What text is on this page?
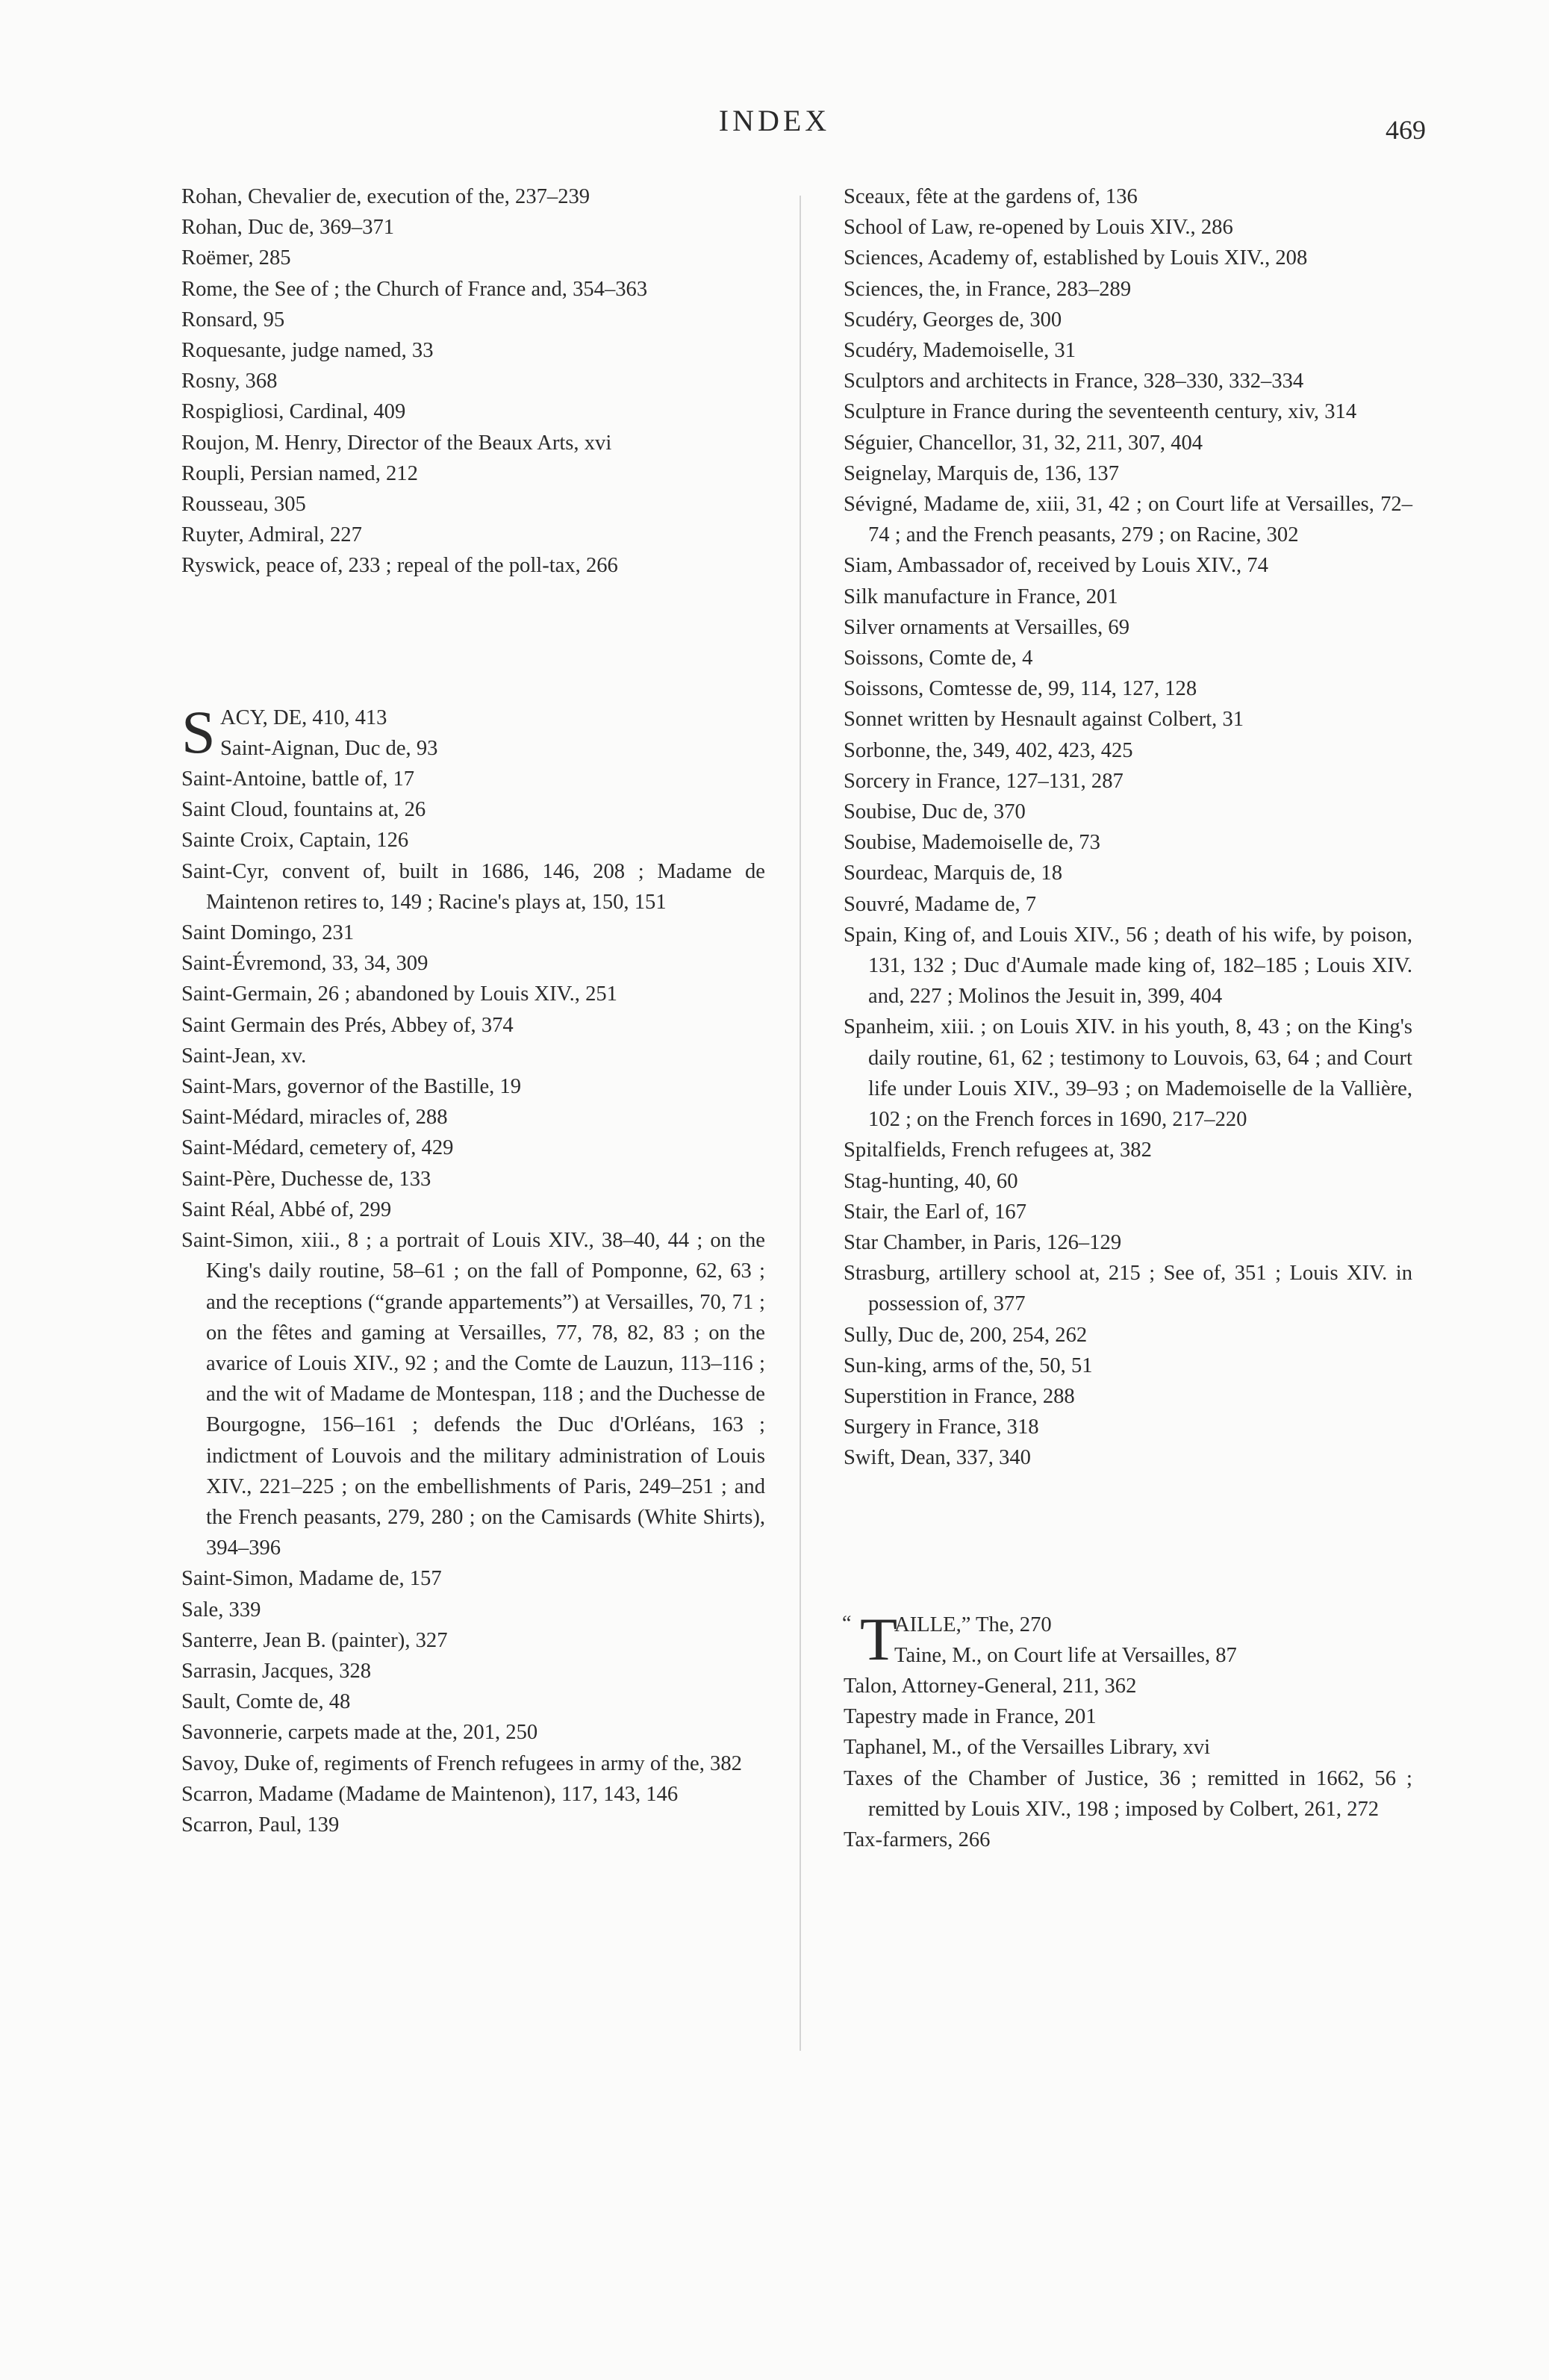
INDEX	469
Rohan, Chevalier de, execution of the, 237–239
Rohan, Duc de, 369–371
Roëmer, 285
Rome, the See of ; the Church of France and, 354–363
Ronsard, 95
Roquesante, judge named, 33
Rosny, 368
Rospigliosi, Cardinal, 409
Roujon, M. Henry, Director of the Beaux Arts, xvi
Roupli, Persian named, 212
Rousseau, 305
Ruyter, Admiral, 227
Ryswick, peace of, 233 ; repeal of the poll-tax, 266
S ACY, DE, 410, 413
Saint-Aignan, Duc de, 93
Saint-Antoine, battle of, 17
Saint Cloud, fountains at, 26
Sainte Croix, Captain, 126
Saint-Cyr, convent of, built in 1686, 146, 208 ; Madame de Maintenon retires to, 149 ; Racine's plays at, 150, 151
Saint Domingo, 231
Saint-Évremond, 33, 34, 309
Saint-Germain, 26 ; abandoned by Louis XIV., 251
Saint Germain des Prés, Abbey of, 374
Saint-Jean, xv.
Saint-Mars, governor of the Bastille, 19
Saint-Médard, miracles of, 288
Saint-Médard, cemetery of, 429
Saint-Père, Duchesse de, 133
Saint Réal, Abbé of, 299
Saint-Simon, xiii., 8 ; a portrait of Louis XIV., 38–40, 44 ; on the King's daily routine, 58–61 ; on the fall of Pomponne, 62, 63 ; and the receptions (“grande appartements”) at Versailles, 70, 71 ; on the fêtes and gaming at Versailles, 77, 78, 82, 83 ; on the avarice of Louis XIV., 92 ; and the Comte de Lauzun, 113–116 ; and the wit of Madame de Montespan, 118 ; and the Duchesse de Bourgogne, 156–161 ; defends the Duc d'Orléans, 163 ; indictment of Louvois and the military administration of Louis XIV., 221–225 ; on the embellishments of Paris, 249–251 ; and the French peasants, 279, 280 ; on the Camisards (White Shirts), 394–396
Saint-Simon, Madame de, 157
Sale, 339
Santerre, Jean B. (painter), 327
Sarrasin, Jacques, 328
Sault, Comte de, 48
Savonnerie, carpets made at the, 201, 250
Savoy, Duke of, regiments of French refugees in army of the, 382
Scarron, Madame (Madame de Maintenon), 117, 143, 146
Scarron, Paul, 139
Sceaux, fête at the gardens of, 136
School of Law, re-opened by Louis XIV., 286
Sciences, Academy of, established by Louis XIV., 208
Sciences, the, in France, 283–289
Scudéry, Georges de, 300
Scudéry, Mademoiselle, 31
Sculptors and architects in France, 328–330, 332–334
Sculpture in France during the seventeenth century, xiv, 314
Séguier, Chancellor, 31, 32, 211, 307, 404
Seignelay, Marquis de, 136, 137
Sévigné, Madame de, xiii, 31, 42 ; on Court life at Versailles, 72–74 ; and the French peasants, 279 ; on Racine, 302
Siam, Ambassador of, received by Louis XIV., 74
Silk manufacture in France, 201
Silver ornaments at Versailles, 69
Soissons, Comte de, 4
Soissons, Comtesse de, 99, 114, 127, 128
Sonnet written by Hesnault against Colbert, 31
Sorbonne, the, 349, 402, 423, 425
Sorcery in France, 127–131, 287
Soubise, Duc de, 370
Soubise, Mademoiselle de, 73
Sourdeac, Marquis de, 18
Souvré, Madame de, 7
Spain, King of, and Louis XIV., 56 ; death of his wife, by poison, 131, 132 ; Duc d'Aumale made king of, 182–185 ; Louis XIV. and, 227 ; Molinos the Jesuit in, 399, 404
Spanheim, xiii. ; on Louis XIV. in his youth, 8, 43 ; on the King's daily routine, 61, 62 ; testimony to Louvois, 63, 64 ; and Court life under Louis XIV., 39–93 ; on Mademoiselle de la Vallière, 102 ; on the French forces in 1690, 217–220
Spitalfields, French refugees at, 382
Stag-hunting, 40, 60
Stair, the Earl of, 167
Star Chamber, in Paris, 126–129
Strasburg, artillery school at, 215 ; See of, 351 ; Louis XIV. in possession of, 377
Sully, Duc de, 200, 254, 262
Sun-king, arms of the, 50, 51
Superstition in France, 288
Surgery in France, 318
Swift, Dean, 337, 340
“ T
AILLE,” The, 270
Taine, M., on Court life at Versailles, 87
Talon, Attorney-General, 211, 362
Tapestry made in France, 201
Taphanel, M., of the Versailles Library, xvi
Taxes of the Chamber of Justice, 36 ; remitted in 1662, 56 ; remitted by Louis XIV., 198 ; imposed by Colbert, 261, 272
Tax-farmers, 266
